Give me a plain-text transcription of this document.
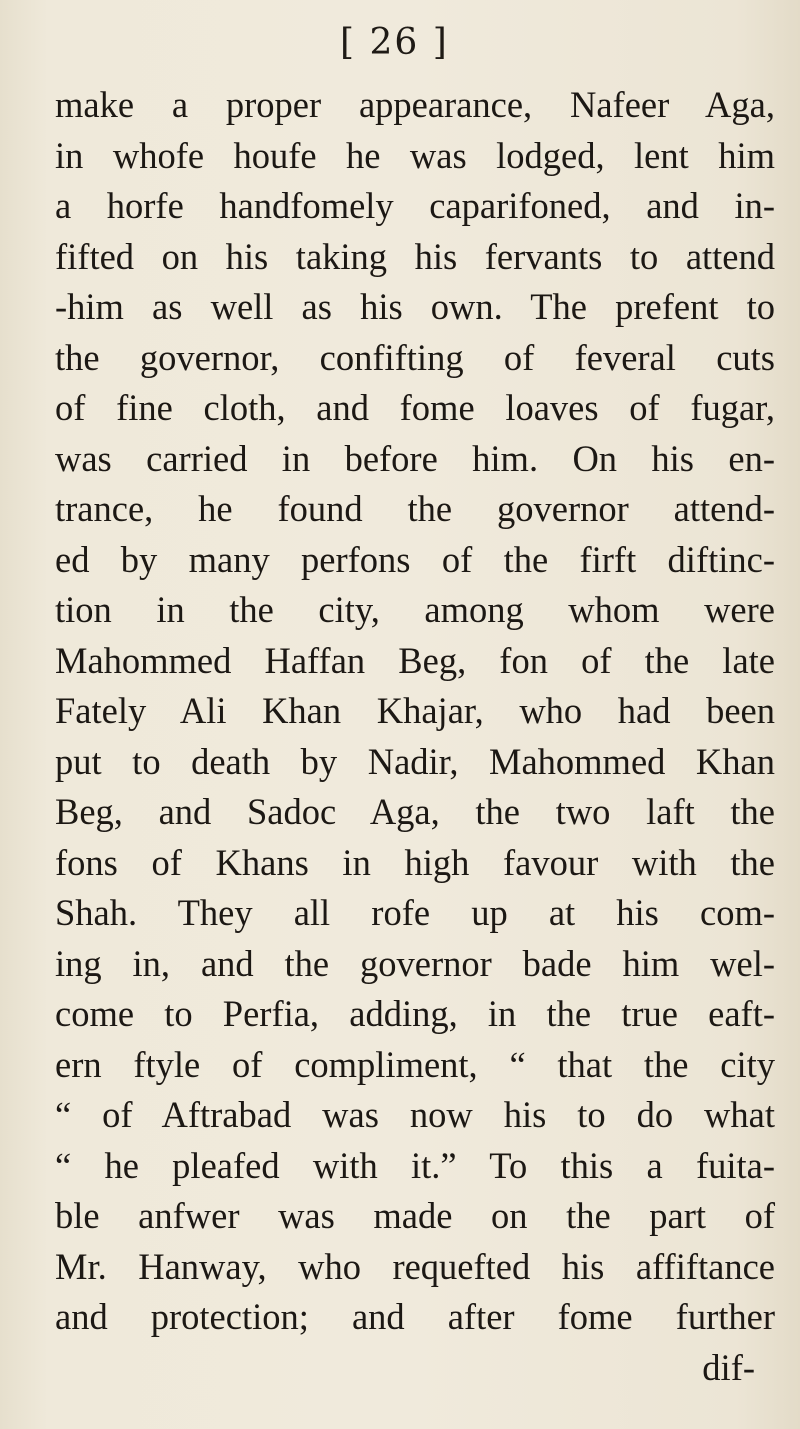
[ 26 ]
make a proper appearance, Nafeer Aga,
in whofe houfe he was lodged, lent him
a horfe handfomely caparifoned, and in-
fifted on his taking his fervants to attend
-him as well as his own. The prefent to
the governor, confifting of feveral cuts
of fine cloth, and fome loaves of fugar,
was carried in before him. On his en-
trance, he found the governor attend-
ed by many perfons of the firft diftinc-
tion in the city, among whom were
Mahommed Haffan Beg, fon of the late
Fately Ali Khan Khajar, who had been
put to death by Nadir, Mahommed Khan
Beg, and Sadoc Aga, the two laft the
fons of Khans in high favour with the
Shah. They all rofe up at his com-
ing in, and the governor bade him wel-
come to Perfia, adding, in the true eaft-
ern ftyle of compliment, “ that the city
“ of Aftrabad was now his to do what
“ he pleafed with it.” To this a fuita-
ble anfwer was made on the part of
Mr. Hanway, who requefted his affiftance
and protection; and after fome further
dif-
